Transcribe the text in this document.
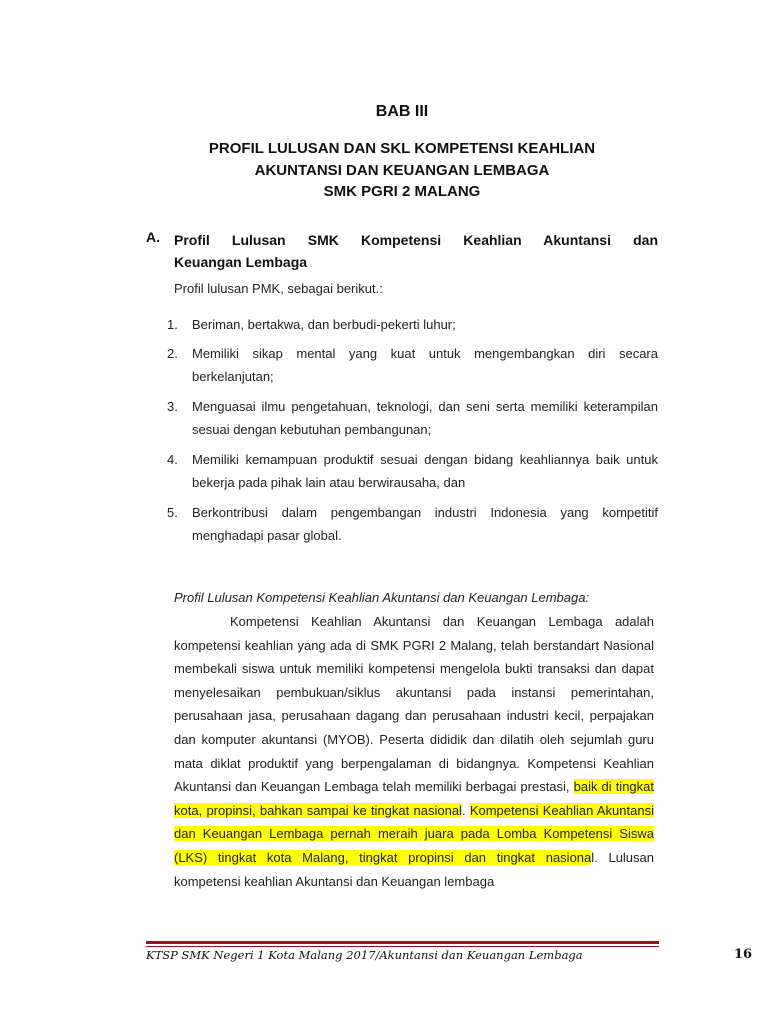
BAB III
PROFIL LULUSAN DAN SKL KOMPETENSI KEAHLIAN
AKUNTANSI DAN KEUANGAN LEMBAGA
SMK PGRI 2 MALANG
A. Profil Lulusan SMK Kompetensi Keahlian Akuntansi dan
Keuangan Lembaga
Profil lulusan PMK, sebagai berikut.:
1. Beriman, bertakwa, dan berbudi-pekerti luhur;
2. Memiliki sikap mental yang kuat untuk mengembangkan diri secara berkelanjutan;
3. Menguasai ilmu pengetahuan, teknologi, dan seni serta memiliki keterampilan sesuai dengan kebutuhan pembangunan;
4. Memiliki kemampuan produktif sesuai dengan bidang keahliannya baik untuk bekerja pada pihak lain atau berwirausaha, dan
5. Berkontribusi dalam pengembangan industri Indonesia yang kompetitif menghadapi pasar global.
Profil Lulusan Kompetensi Keahlian Akuntansi dan Keuangan Lembaga:
Kompetensi Keahlian Akuntansi dan Keuangan Lembaga adalah kompetensi keahlian yang ada di SMK PGRI 2 Malang, telah berstandart Nasional membekali siswa untuk memiliki kompetensi mengelola bukti transaksi dan dapat menyelesaikan pembukuan/siklus akuntansi pada instansi pemerintahan, perusahaan jasa, perusahaan dagang dan perusahaan industri kecil, perpajakan dan komputer akuntansi (MYOB). Peserta dididik dan dilatih oleh sejumlah guru mata diklat produktif yang berpengalaman di bidangnya. Kompetensi Keahlian Akuntansi dan Keuangan Lembaga telah memiliki berbagai prestasi, baik di tingkat kota, propinsi, bahkan sampai ke tingkat nasional. Kompetensi Keahlian Akuntansi dan Keuangan Lembaga pernah meraih juara pada Lomba Kompetensi Siswa (LKS) tingkat kota Malang, tingkat propinsi dan tingkat nasional. Lulusan kompetensi keahlian Akuntansi dan Keuangan lembaga
KTSP SMK Negeri 1 Kota Malang 2017/Akuntansi dan Keuangan Lembaga	16
